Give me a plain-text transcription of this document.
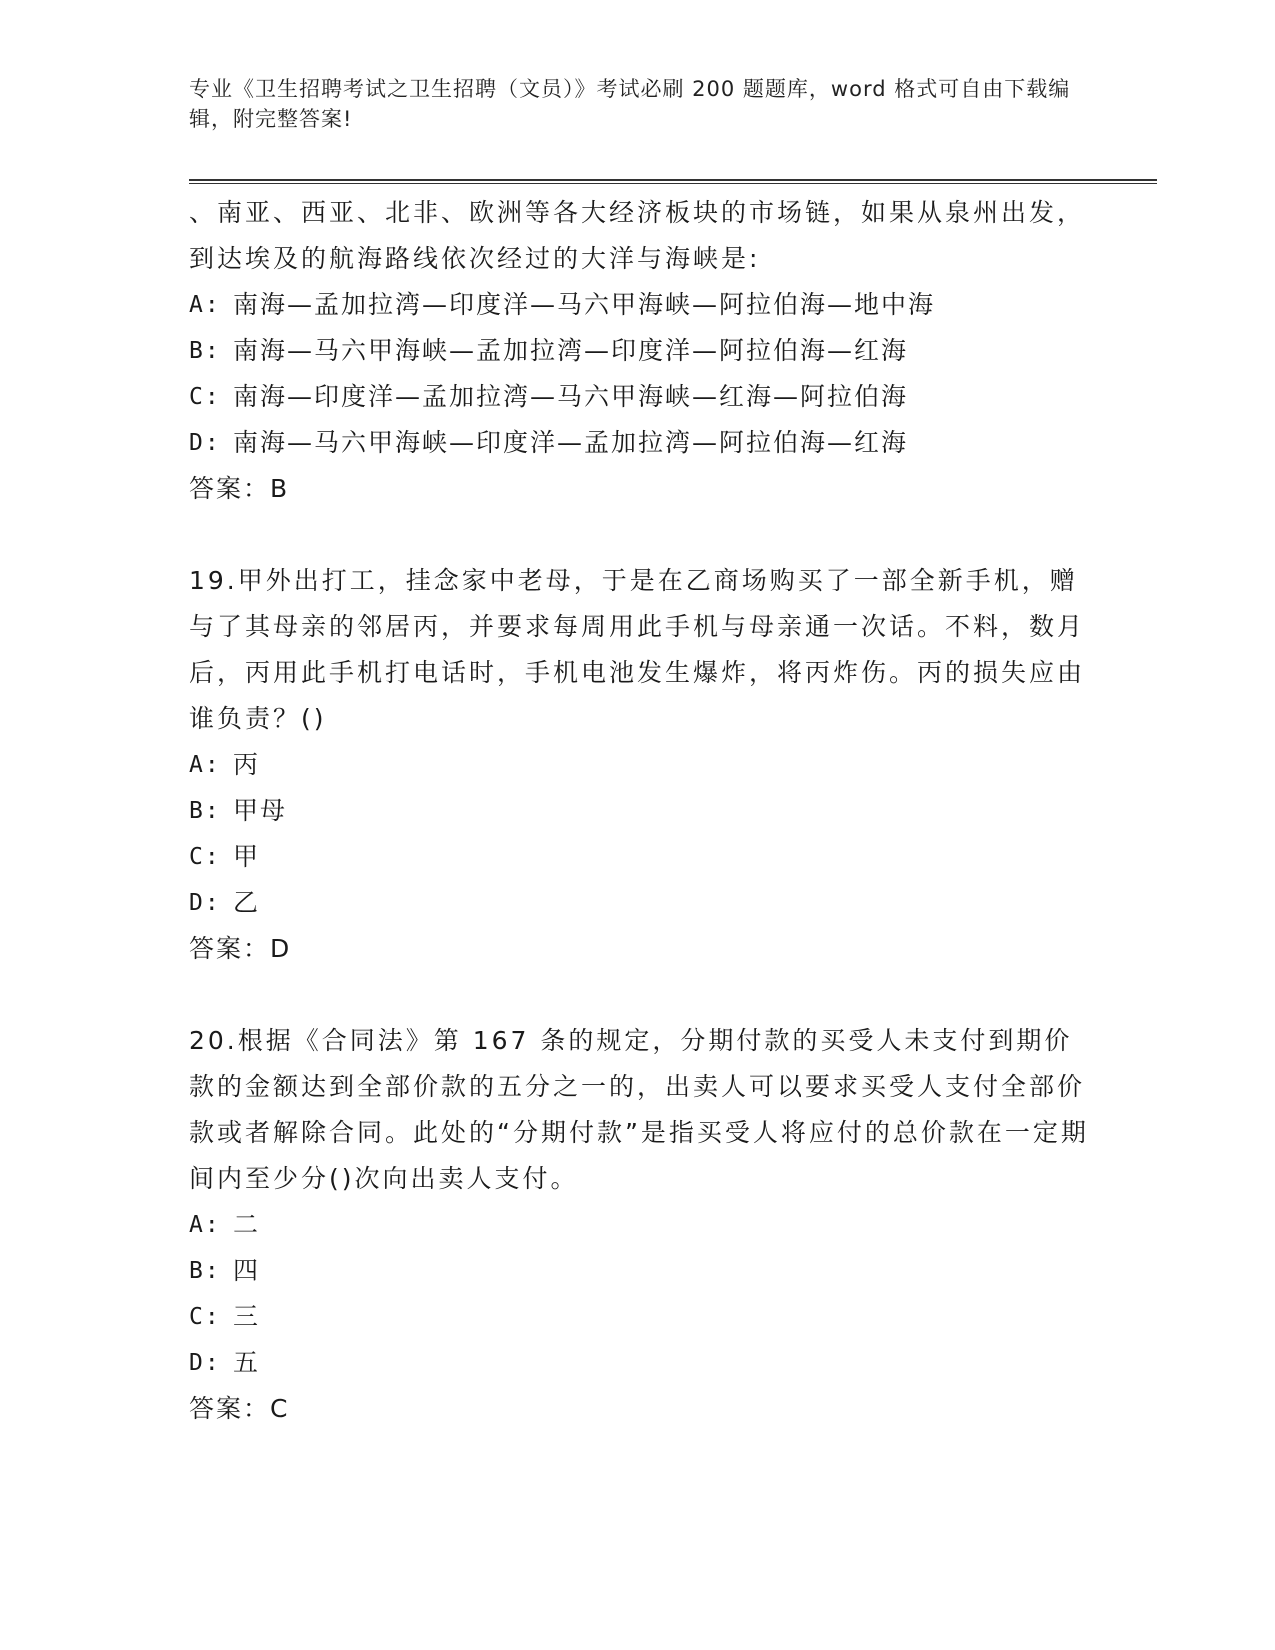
专业《卫生招聘考试之卫生招聘（文员）》考试必刷 200 题题库，word 格式可自由下载编辑，附完整答案!

、南亚、西亚、北非、欧洲等各大经济板块的市场链，如果从泉州出发，到达埃及的航海路线依次经过的大洋与海峡是:

A: 南海—孟加拉湾—印度洋—马六甲海峡—阿拉伯海—地中海
B: 南海—马六甲海峡—孟加拉湾—印度洋—阿拉伯海—红海
C: 南海—印度洋—孟加拉湾—马六甲海峡—红海—阿拉伯海
D: 南海—马六甲海峡—印度洋—孟加拉湾—阿拉伯海—红海

答案：B

19.甲外出打工，挂念家中老母，于是在乙商场购买了一部全新手机，赠与了其母亲的邻居丙，并要求每周用此手机与母亲通一次话。不料，数月后，丙用此手机打电话时，手机电池发生爆炸，将丙炸伤。丙的损失应由谁负责？()

A: 丙
B: 甲母
C: 甲
D: 乙

答案：D

20.根据《合同法》第 167 条的规定，分期付款的买受人未支付到期价款的金额达到全部价款的五分之一的，出卖人可以要求买受人支付全部价款或者解除合同。此处的“分期付款”是指买受人将应付的总价款在一定期间内至少分()次向出卖人支付。

A: 二
B: 四
C: 三
D: 五

答案：C
